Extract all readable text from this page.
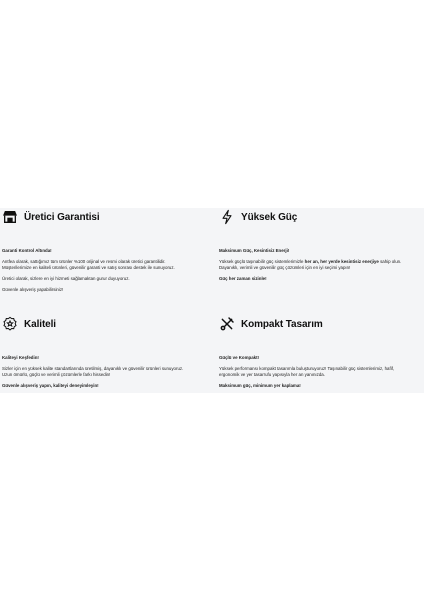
Üretici Garantisi

Garanti Kontrol Altında!

Antfea olarak, sattığımız tüm ürünler %100 orijinal ve resmi olarak üretici garantilidir.
Müşterilerimize en kaliteli ürünleri, güvenilir garanti ve satış sonrası destek ile sunuyoruz.

Üretici olarak, sizlere en iyi hizmeti sağlamaktan gurur duyuyoruz.

Güvenle alışveriş yapabilirsiniz!

Yüksek Güç

Maksimum Güç, Kesintisiz Enerji!

Yüksek güçlü taşınabilir güç sistemlerimizle her an, her yerde kesintisiz enerjiye sahip olun.
Dayanıklı, verimli ve güvenilir güç çözümleri için en iyi seçimi yapın!

Güç her zaman sizinle!

Kaliteli

Kaliteyi Keşfedin!

Sizler için en yüksek kalite standartlarında üretilmiş, dayanıklı ve güvenilir ürünleri sunuyoruz.
Uzun ömürlü, güçlü ve verimli çözümlerle farkı hissedin!

Güvenle alışveriş yapın, kaliteyi deneyimleyin!

Kompakt Tasarım

Güçlü ve Kompakt!

Yüksek performansı kompakt tasarımla buluşturuyoruz! Taşınabilir güç sistemlerimiz, hafif,
ergonomik ve yer tasarrufu yapısıyla her an yanınızda.

Maksimum güç, minimum yer kaplama!
